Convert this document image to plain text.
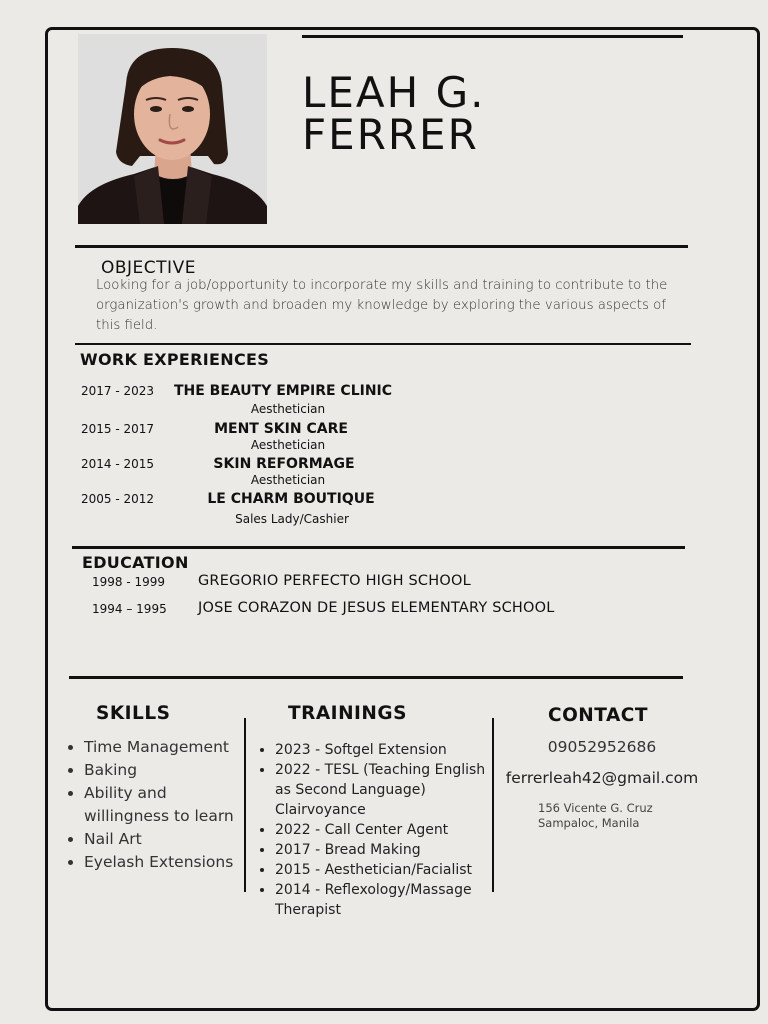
LEAH G.
FERRER
OBJECTIVE
Looking for a job/opportunity to incorporate my skills and training to contribute to the organization's growth and broaden my knowledge by exploring the various aspects of this field.
WORK EXPERIENCES
2017 - 2023 THE BEAUTY EMPIRE CLINIC
Aesthetician
2015 - 2017	MENT SKIN CARE
Aesthetician
2014 - 2015	SKIN REFORMAGE
Aesthetician
2005 - 2012	LE CHARM BOUTIQUE
Sales Lady/Cashier
EDUCATION
1998 - 1999 GREGORIO PERFECTO HIGH SCHOOL
1994 – 1995 JOSE CORAZON DE JESUS ELEMENTARY SCHOOL
SKILLS
• Time Management
• Baking
• Ability and willingness to learn
• Nail Art
• Eyelash Extensions
TRAININGS
• 2023 - Softgel Extension
• 2022 - TESL (Teaching English as Second Language) Clairvoyance
• 2022 - Call Center Agent
• 2017 - Bread Making
• 2015 - Aesthetician/Facialist
• 2014 - Reflexology/Massage Therapist
CONTACT
09052952686
ferrerleah42@gmail.com
156 Vicente G. Cruz
Sampaloc, Manila
